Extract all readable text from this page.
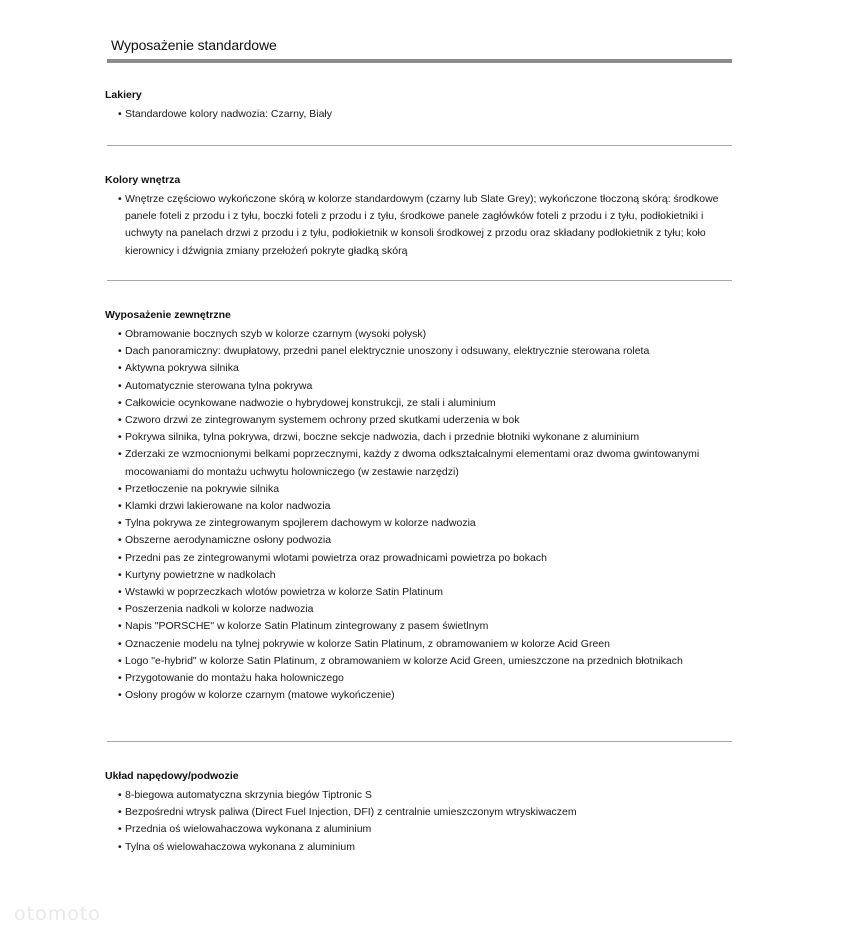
Wyposażenie standardowe
Lakiery
• Standardowe kolory nadwozia: Czarny, Biały
Kolory wnętrza
• Wnętrze częściowo wykończone skórą w kolorze standardowym (czarny lub Slate Grey); wykończone tłoczoną skórą: środkowe panele foteli z przodu i z tyłu, boczki foteli z przodu i z tyłu, środkowe panele zagłówków foteli z przodu i z tyłu, podłokietniki i uchwyty na panelach drzwi z przodu i z tyłu, podłokietnik w konsoli środkowej z przodu oraz składany podłokietnik z tyłu; koło kierownicy i dźwignia zmiany przełożeń pokryte gładką skórą
Wyposażenie zewnętrzne
• Obramowanie bocznych szyb w kolorze czarnym (wysoki połysk)
• Dach panoramiczny: dwupłatowy, przedni panel elektrycznie unoszony i odsuwany, elektrycznie sterowana roleta
• Aktywna pokrywa silnika
• Automatycznie sterowana tylna pokrywa
• Całkowicie ocynkowane nadwozie o hybrydowej konstrukcji, ze stali i aluminium
• Czworo drzwi ze zintegrowanym systemem ochrony przed skutkami uderzenia w bok
• Pokrywa silnika, tylna pokrywa, drzwi, boczne sekcje nadwozia, dach i przednie błotniki wykonane z aluminium
• Zderzaki ze wzmocnionymi belkami poprzecznymi, każdy z dwoma odkształcalnymi elementami oraz dwoma gwintowanymi mocowaniami do montażu uchwytu holowniczego (w zestawie narzędzi)
• Przetłoczenie na pokrywie silnika
• Klamki drzwi lakierowane na kolor nadwozia
• Tylna pokrywa ze zintegrowanym spojlerem dachowym w kolorze nadwozia
• Obszerne aerodynamiczne osłony podwozia
• Przedni pas ze zintegrowanymi wlotami powietrza oraz prowadnicami powietrza po bokach
• Kurtyny powietrzne w nadkolach
• Wstawki w poprzeczkach wlotów powietrza w kolorze Satin Platinum
• Poszerzenia nadkoli w kolorze nadwozia
• Napis "PORSCHE" w kolorze Satin Platinum zintegrowany z pasem świetlnym
• Oznaczenie modelu na tylnej pokrywie w kolorze Satin Platinum, z obramowaniem w kolorze Acid Green
• Logo "e-hybrid" w kolorze Satin Platinum, z obramowaniem w kolorze Acid Green, umieszczone na przednich błotnikach
• Przygotowanie do montażu haka holowniczego
• Osłony progów w kolorze czarnym (matowe wykończenie)
Układ napędowy/podwozie
• 8-biegowa automatyczna skrzynia biegów Tiptronic S
• Bezpośredni wtrysk paliwa (Direct Fuel Injection, DFI) z centralnie umieszczonym wtryskiwaczem
• Przednia oś wielowahaczowa wykonana z aluminium
• Tylna oś wielowahaczowa wykonana z aluminium
otomoto
